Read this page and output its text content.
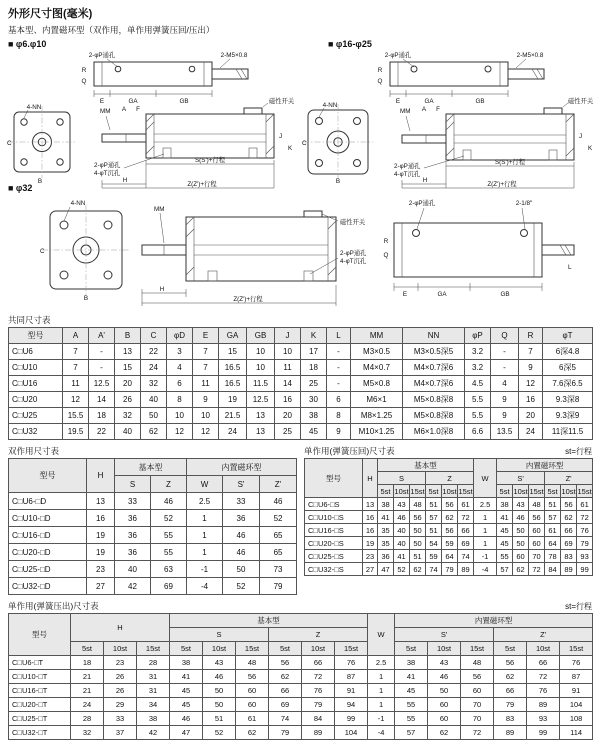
外形尺寸图(毫米)
基本型、内置磁环型（双作用，单作用弹簧压回/压出）
■ φ6.φ10	■ φ16-φ25
■ φ32
2-φP通孔	2-M5×0.8
R
Q
E	GA	GB
4-NN
C
B
MM A F
磁性开关
2-φP通孔
4-φT沉孔
H
S(S')+行程
Z(Z')+行程
J
K
2-φP通孔	2-M5×0.8
R
Q
E	GA	GB
4-NN
C
B
MM A F
磁性开关
2-φP通孔
4-φT沉孔
H
S(S')+行程
Z(Z')+行程
J
K
4-NN
C
B
MM
磁性开关
2-φP通孔
4-φT沉孔
H
Z(Z')+行程
2-φP通孔	2-1/8″
R
Q
E	GA	GB
L
共同尺寸表
型号	A	A'	B	C	φD	E	GA	GB	J	K	L	MM	NN	φP	Q	R	φT
C□U6	7	-	13	22	3	7	15	10	10	17	-	M3×0.5	M3×0.5深5	3.2	-	7	6深4.8
C□U10	7	-	15	24	4	7	16.5	10	11	18	-	M4×0.7	M4×0.7深6	3.2	-	9	6深5
C□U16	11	12.5	20	32	6	11	16.5	11.5	14	25	-	M5×0.8	M4×0.7深6	4.5	4	12	7.6深6.5
C□U20	12	14	26	40	8	9	19	12.5	16	30	6	M6×1	M5×0.8深8	5.5	9	16	9.3深8
C□U25	15.5	18	32	50	10	10	21.5	13	20	38	8	M8×1.25	M5×0.8深8	5.5	9	20	9.3深9
C□U32	19.5	22	40	62	12	12	24	13	25	45	9	M10×1.25	M6×1.0深8	6.6	13.5	24	11深11.5
双作用尺寸表
型号	H	基本型		内置磁环型		
		S	Z	W	S'	Z'
C□U6-□D	13	33	46	2.5	33	46
C□U10-□D	16	36	52	1	36	52
C□U16-□D	19	36	55	1	46	65
C□U20-□D	19	36	55	1	46	65
C□U25-□D	23	40	63	-1	50	73
C□U32-□D	27	42	69	-4	52	79
单作用(弹簧压回)尺寸表	st=行程
型号	H	基本型						W	内置磁环型					
		S			Z				S'			Z'		
		5st	10st	15st	5st	10st	15st		5st	10st	15st	5st	10st	15st
C□U6-□S	13	38	43	48	51	56	61	2.5	38	43	48	51	56	61
C□U10-□S	16	41	46	56	57	62	72	1	41	46	56	57	62	72
C□U16-□S	16	35	40	50	51	56	66	1	45	50	60	61	66	76
C□U20-□S	19	35	40	50	54	59	69	1	45	50	60	64	69	79
C□U25-□S	23	36	41	51	59	64	74	-1	55	60	70	78	83	93
C□U32-□S	27	47	52	62	74	79	89	-4	57	62	72	84	89	99
单作用(弹簧压出)尺寸表	st=行程
型号	H			基本型						W	内置磁环型					
				S			Z				S'			Z'		
	5st	10st	15st	5st	10st	15st	5st	10st	15st		5st	10st	15st	5st	10st	15st
C□U6-□T	18	23	28	38	43	48	56	66	76	2.5	38	43	48	56	66	76
C□U10-□T	21	26	31	41	46	56	62	72	87	1	41	46	56	62	72	87
C□U16-□T	21	26	31	45	50	60	66	76	91	1	45	50	60	66	76	91
C□U20-□T	24	29	34	45	50	60	69	79	94	1	55	60	70	79	89	104
C□U25-□T	28	33	38	46	51	61	74	84	99	-1	55	60	70	83	93	108
C□U32-□T	32	37	42	47	52	62	79	89	104	-4	57	62	72	89	99	114
